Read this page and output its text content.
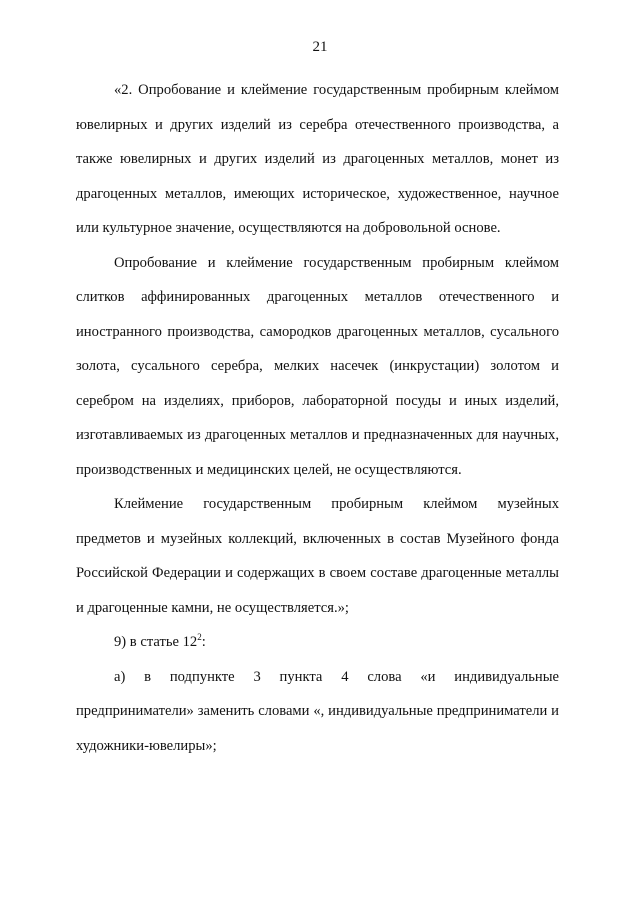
21

«2. Опробование и клеймение государственным пробирным клеймом ювелирных и других изделий из серебра отечественного производства, а также ювелирных и других изделий из драгоценных металлов, монет из драгоценных металлов, имеющих историческое, художественное, научное или культурное значение, осуществляются на добровольной основе.

Опробование и клеймение государственным пробирным клеймом слитков аффинированных драгоценных металлов отечественного и иностранного производства, самородков драгоценных металлов, сусального золота, сусального серебра, мелких насечек (инкрустации) золотом и серебром на изделиях, приборов, лабораторной посуды и иных изделий, изготавливаемых из драгоценных металлов и предназначенных для научных, производственных и медицинских целей, не осуществляются.

Клеймение государственным пробирным клеймом музейных предметов и музейных коллекций, включенных в состав Музейного фонда Российской Федерации и содержащих в своем составе драгоценные металлы и драгоценные камни, не осуществляется.»;

9) в статье $12^2$:

а) в подпункте 3 пункта 4 слова «и индивидуальные предприниматели» заменить словами «, индивидуальные предприниматели и художники-ювелиры»;
